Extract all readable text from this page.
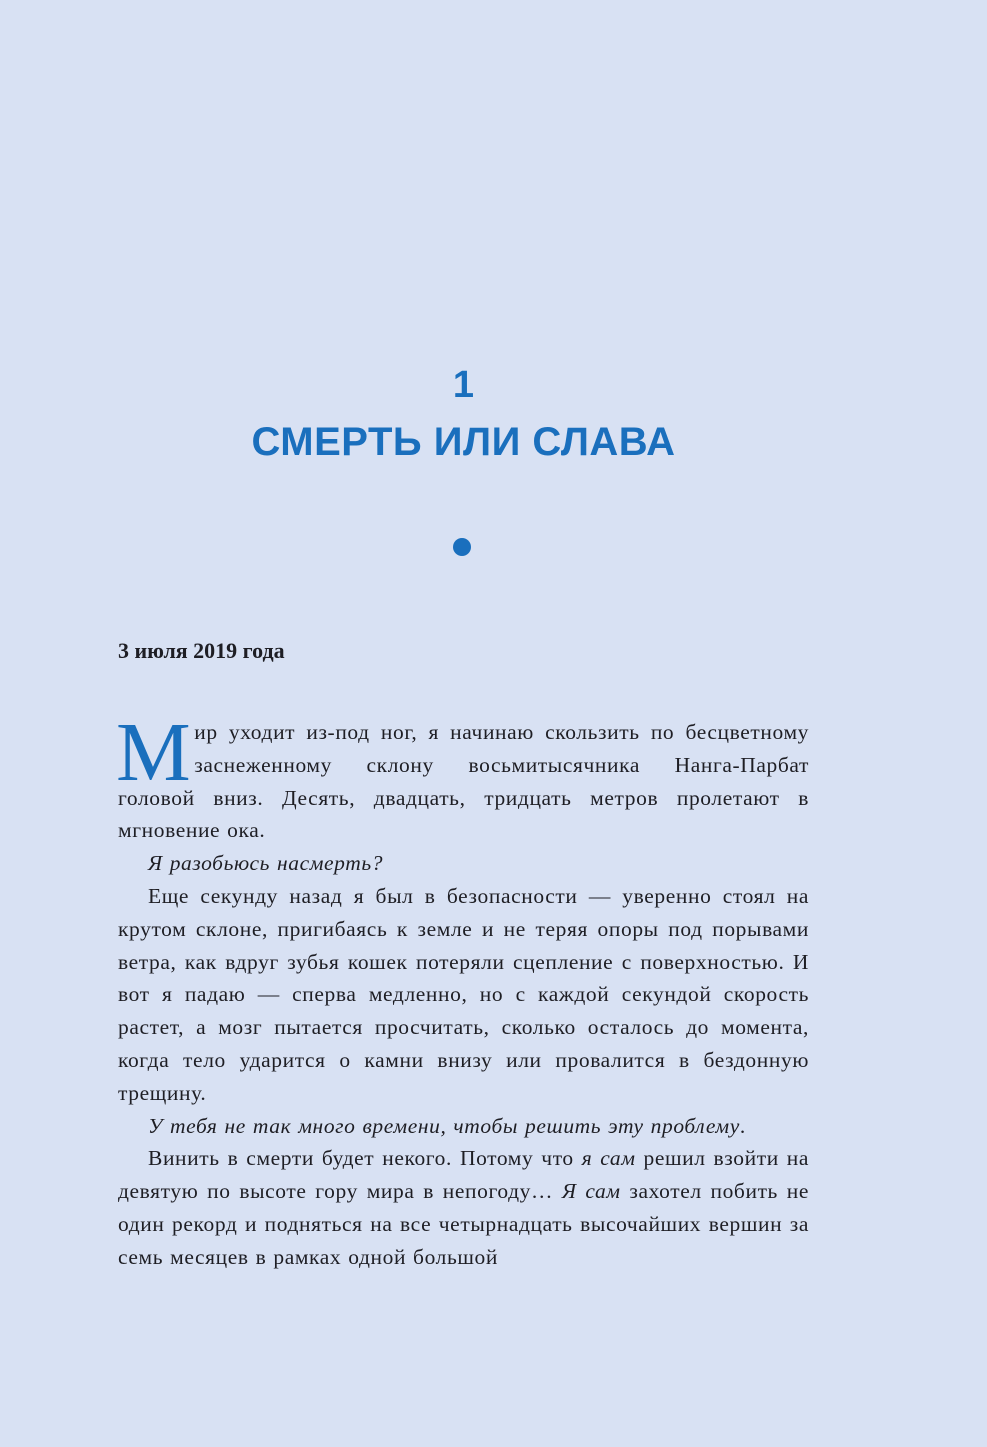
1
СМЕРТЬ ИЛИ СЛАВА
3 июля 2019 года

Мир уходит из-под ног, я начинаю скользить по бесцветному заснеженному склону восьмитысячника Нанга-Парбат головой вниз. Десять, двадцать, тридцать метров пролетают в мгновение ока.

Я разобьюсь насмерть?

Еще секунду назад я был в безопасности — уверенно стоял на крутом склоне, пригибаясь к земле и не теряя опоры под порывами ветра, как вдруг зубья кошек потеряли сцепление с поверхностью. И вот я падаю — сперва медленно, но с каждой секундой скорость растет, а мозг пытается просчитать, сколько осталось до момента, когда тело ударится о камни внизу или провалится в бездонную трещину.

У тебя не так много времени, чтобы решить эту проблему.

Винить в смерти будет некого. Потому что я сам решил взойти на девятую по высоте гору мира в непогоду… Я сам захотел побить не один рекорд и подняться на все четырнадцать высочайших вершин за семь месяцев в рамках одной большой
